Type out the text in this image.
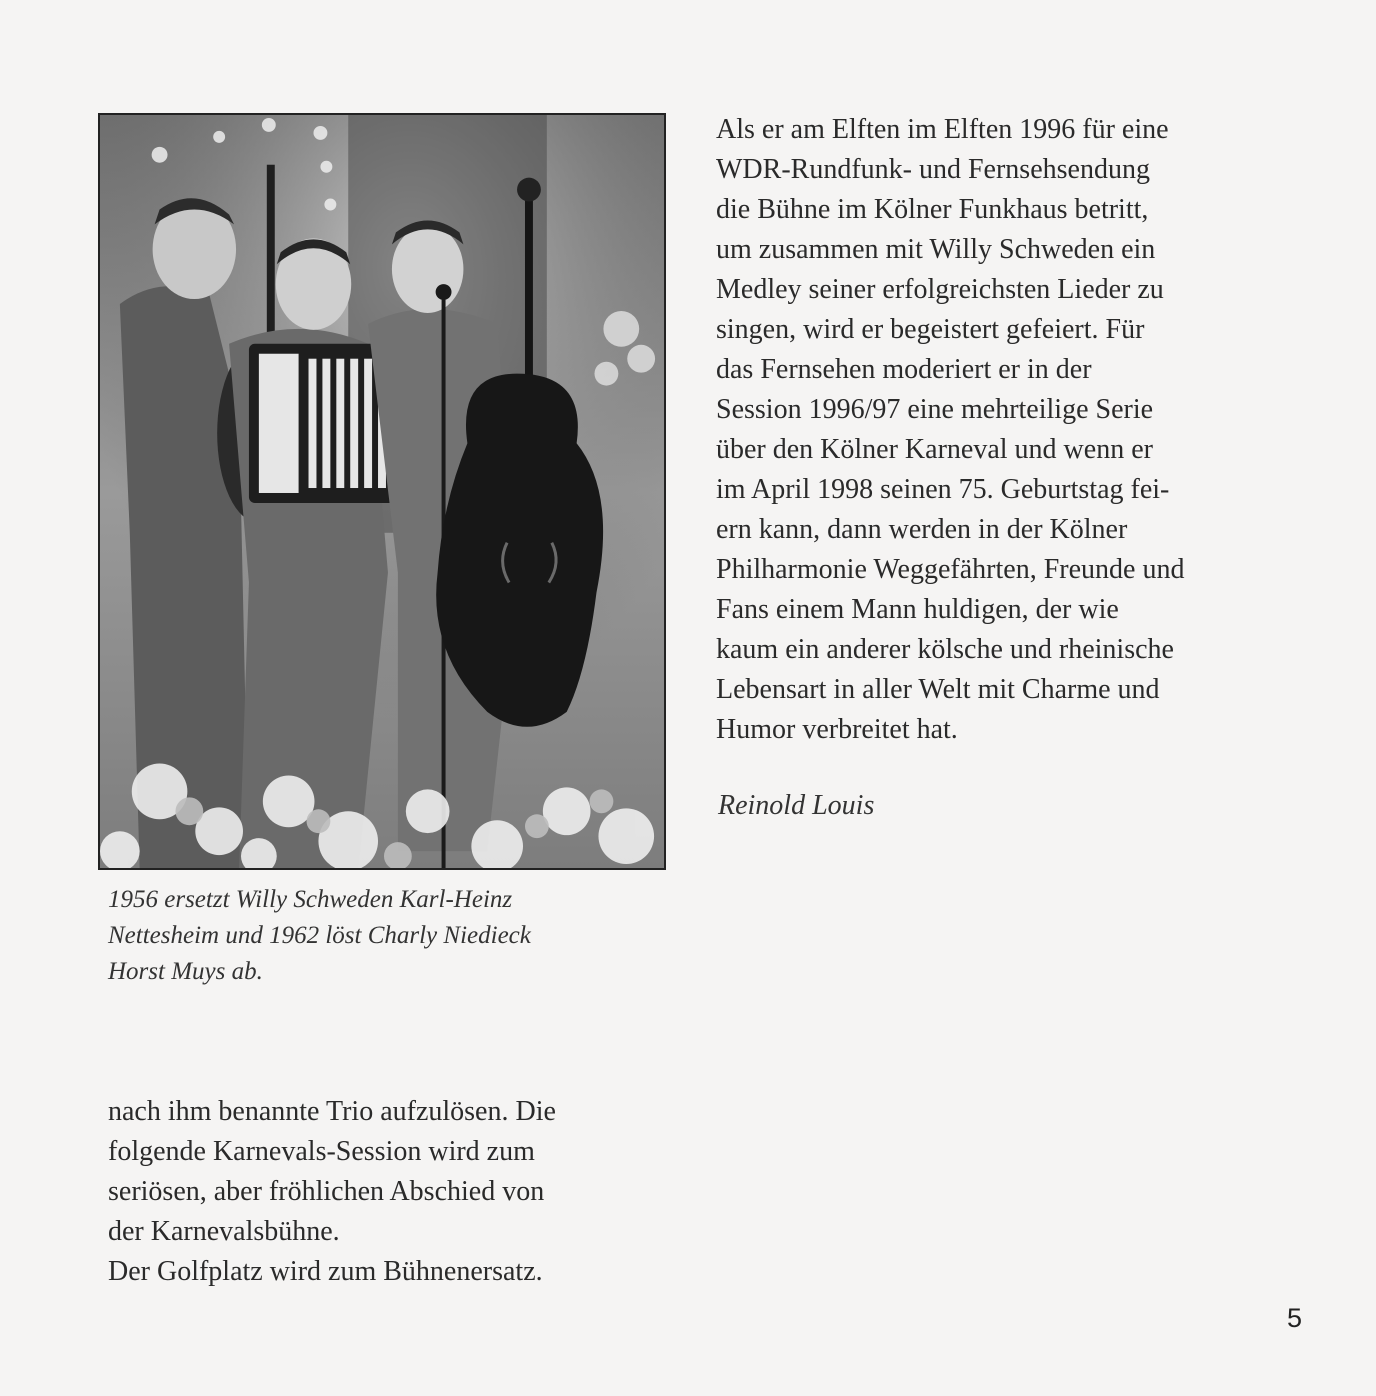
1956 ersetzt Willy Schweden Karl-Heinz
Nettesheim und 1962 löst Charly Niedieck
Horst Muys ab.
Als er am Elften im Elften 1996 für eine
WDR-Rundfunk- und Fernsehsendung
die Bühne im Kölner Funkhaus betritt,
um zusammen mit Willy Schweden ein
Medley seiner erfolgreichsten Lieder zu
singen, wird er begeistert gefeiert. Für
das Fernsehen moderiert er in der
Session 1996/97 eine mehrteilige Serie
über den Kölner Karneval und wenn er
im April 1998 seinen 75. Geburtstag fei-
ern kann, dann werden in der Kölner
Philharmonie Weggefährten, Freunde und
Fans einem Mann huldigen, der wie
kaum ein anderer kölsche und rheinische
Lebensart in aller Welt mit Charme und
Humor verbreitet hat.
Reinold Louis
nach ihm benannte Trio aufzulösen. Die
folgende Karnevals-Session wird zum
seriösen, aber fröhlichen Abschied von
der Karnevalsbühne.
Der Golfplatz wird zum Bühnenersatz.
5
